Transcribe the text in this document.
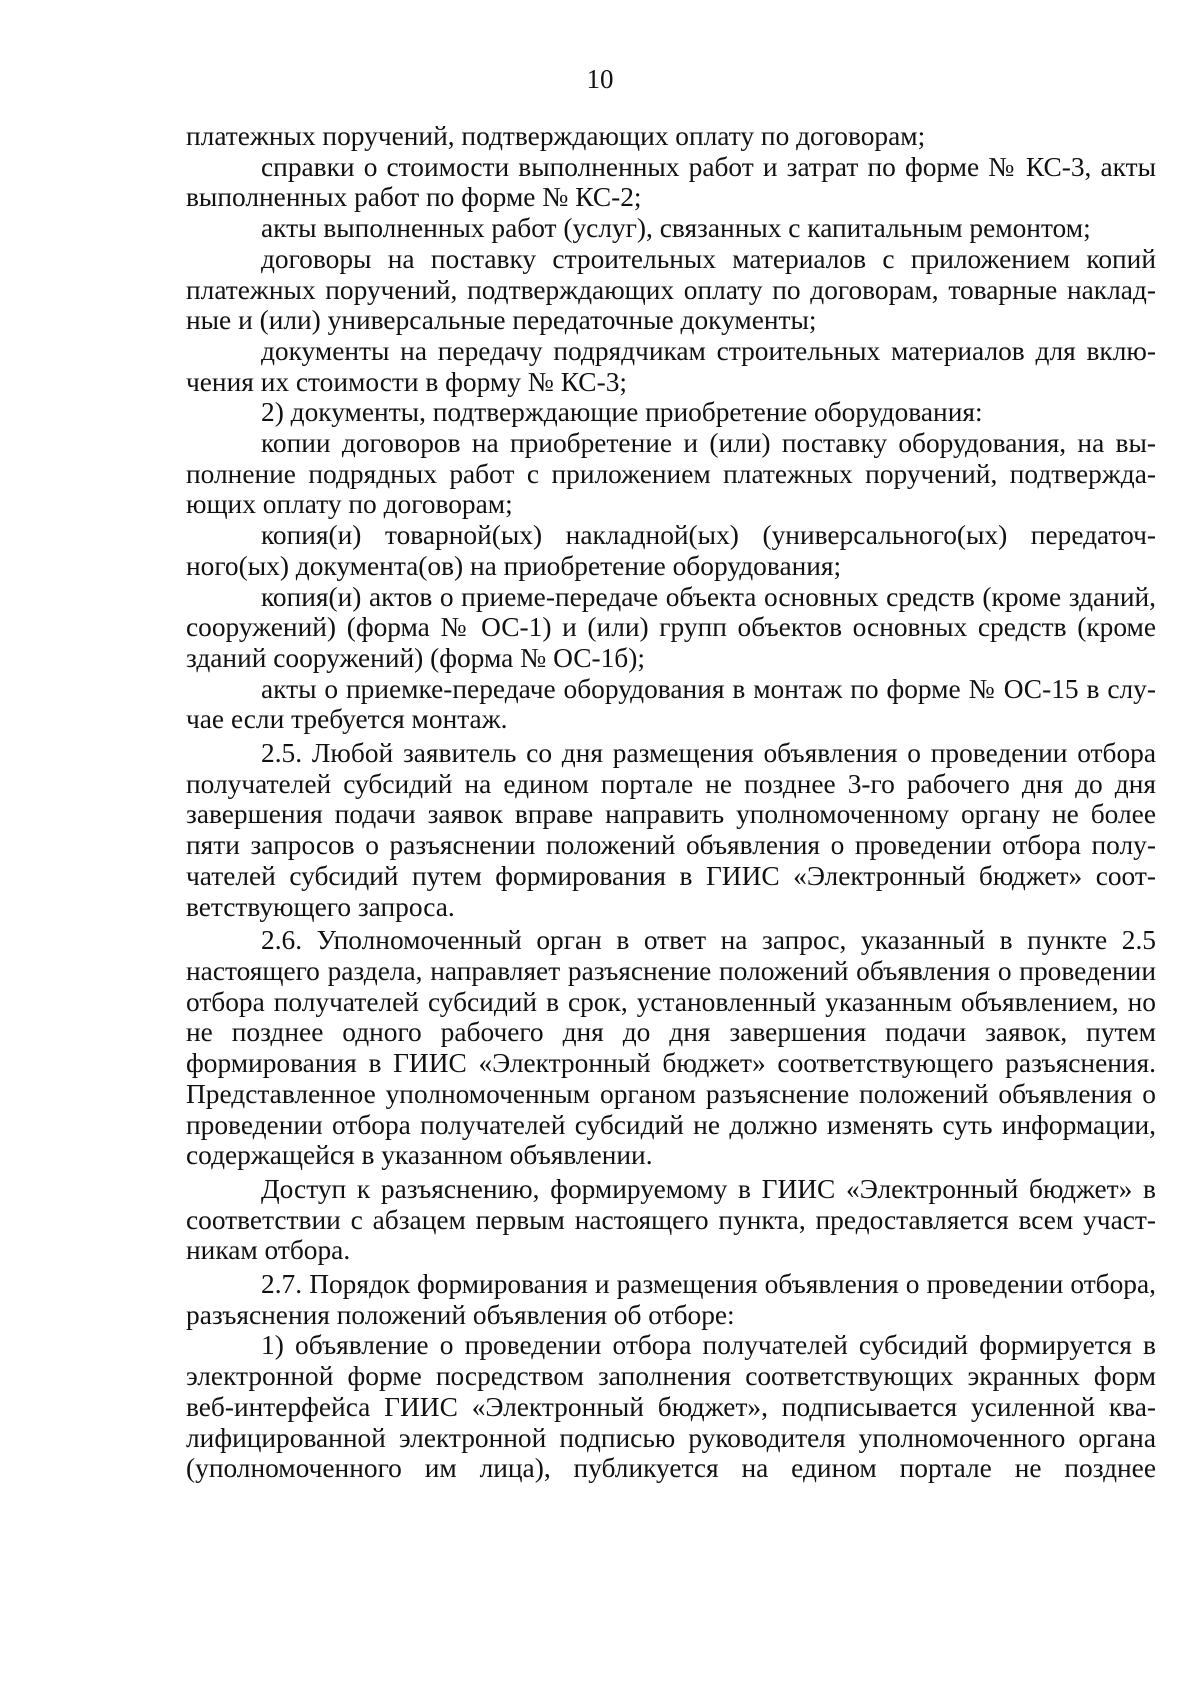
10

платежных поручений, подтверждающих оплату по договорам;

справки о стоимости выполненных работ и затрат по форме № КС-3, акты выполненных работ по форме № КС-2;

акты выполненных работ (услуг), связанных с капитальным ремонтом;

договоры на поставку строительных материалов с приложением копий платежных поручений, подтверждающих оплату по договорам, товарные накладные и (или) универсальные передаточные документы;

документы на передачу подрядчикам строительных материалов для включения их стоимости в форму № КС-3;

2) документы, подтверждающие приобретение оборудования:

копии договоров на приобретение и (или) поставку оборудования, на выполнение подрядных работ с приложением платежных поручений, подтверждающих оплату по договорам;

копия(и) товарной(ых) накладной(ых) (универсального(ых) передаточного(ых) документа(ов) на приобретение оборудования;

копия(и) актов о приеме-передаче объекта основных средств (кроме зданий, сооружений) (форма № ОС-1) и (или) групп объектов основных средств (кроме зданий сооружений) (форма № ОС-1б);

акты о приемке-передаче оборудования в монтаж по форме № ОС-15 в случае если требуется монтаж.

2.5. Любой заявитель со дня размещения объявления о проведении отбора получателей субсидий на едином портале не позднее 3-го рабочего дня до дня завершения подачи заявок вправе направить уполномоченному органу не более пяти запросов о разъяснении положений объявления о проведении отбора получателей субсидий путем формирования в ГИИС «Электронный бюджет» соответствующего запроса.

2.6. Уполномоченный орган в ответ на запрос, указанный в пункте 2.5 настоящего раздела, направляет разъяснение положений объявления о проведении отбора получателей субсидий в срок, установленный указанным объявлением, но не позднее одного рабочего дня до дня завершения подачи заявок, путем формирования в ГИИС «Электронный бюджет» соответствующего разъяснения. Представленное уполномоченным органом разъяснение положений объявления о проведении отбора получателей субсидий не должно изменять суть информации, содержащейся в указанном объявлении.

Доступ к разъяснению, формируемому в ГИИС «Электронный бюджет» в соответствии с абзацем первым настоящего пункта, предоставляется всем участникам отбора.

2.7. Порядок формирования и размещения объявления о проведении отбора, разъяснения положений объявления об отборе:

1) объявление о проведении отбора получателей субсидий формируется в электронной форме посредством заполнения соответствующих экранных форм веб-интерфейса ГИИС «Электронный бюджет», подписывается усиленной квалифицированной электронной подписью руководителя уполномоченного органа (уполномоченного им лица), публикуется на едином портале не позднее
